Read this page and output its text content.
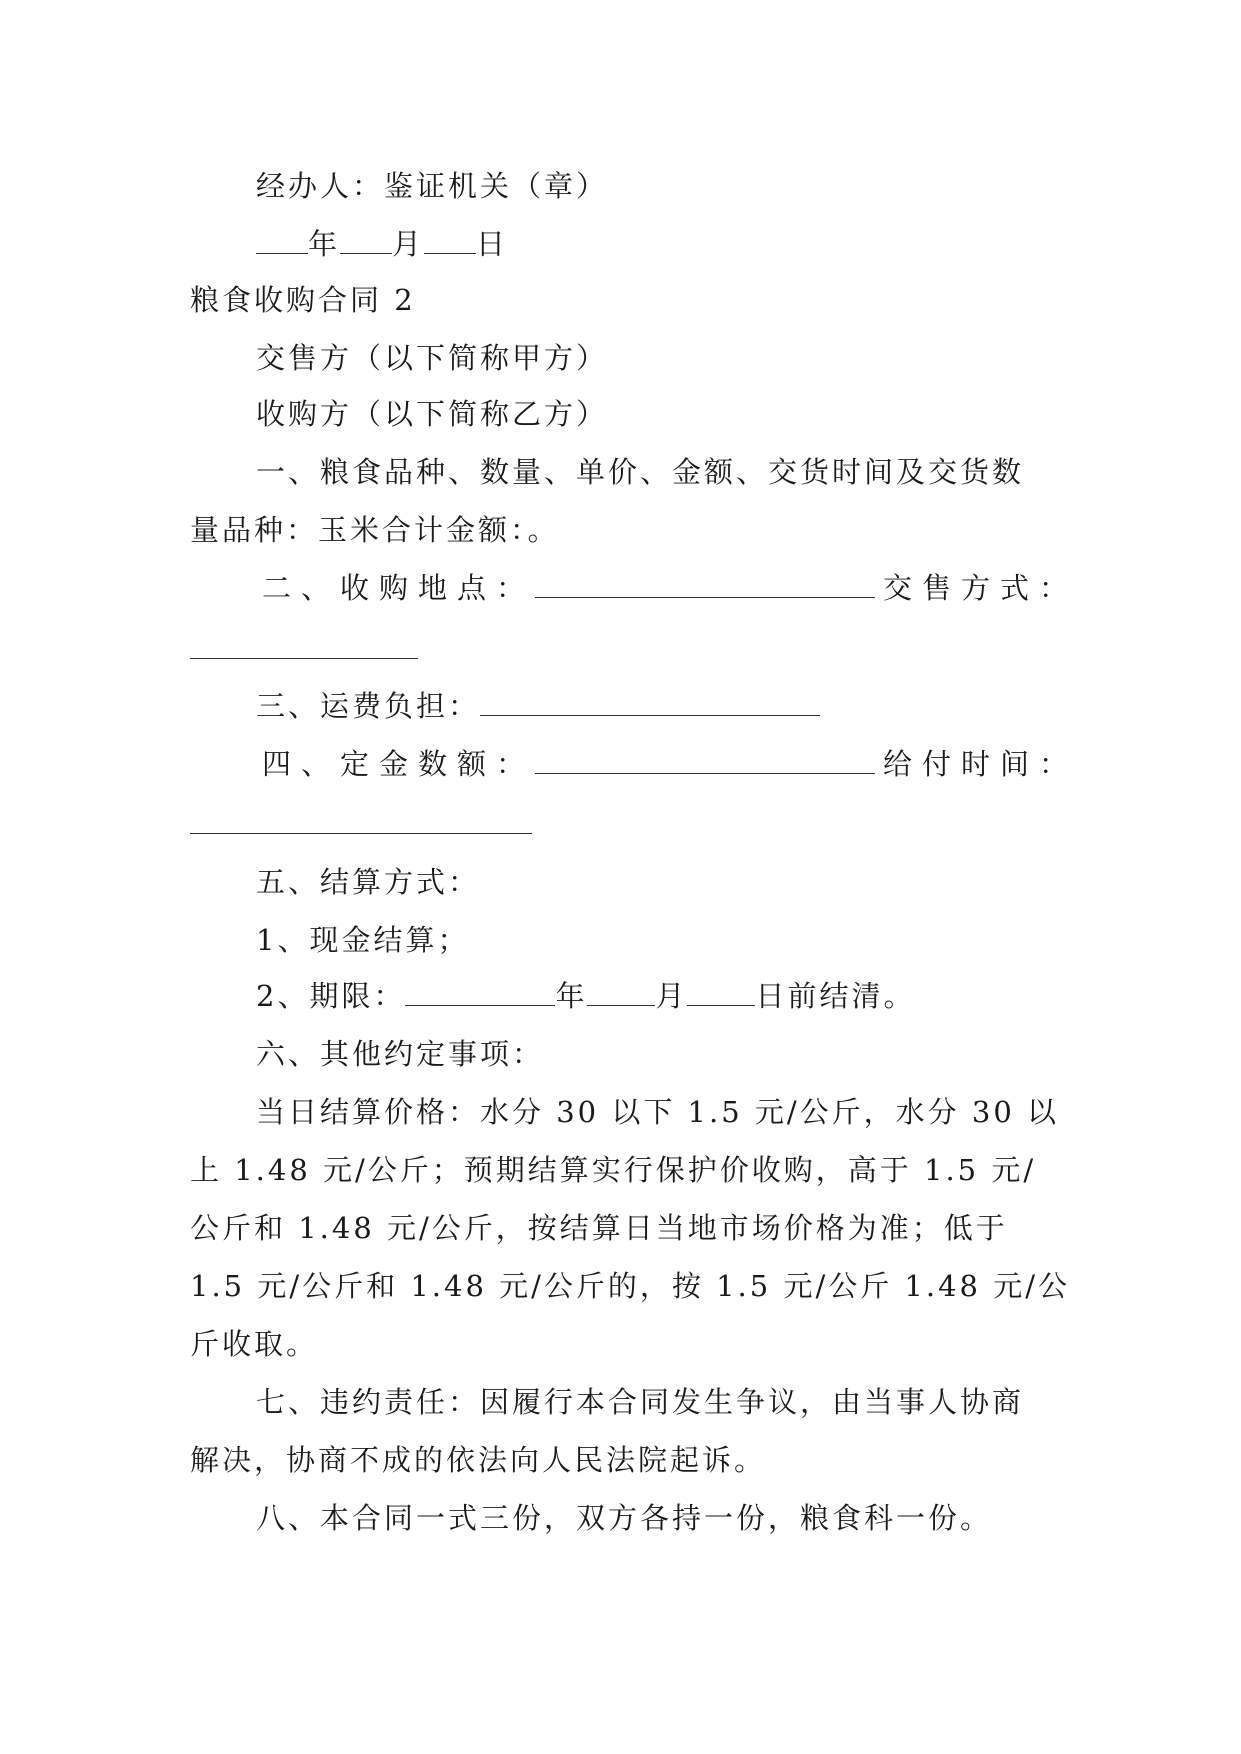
经办人：鉴证机关（章）
年 月 日
粮食收购合同 2
交售方（以下简称甲方）
收购方（以下简称乙方）
一、粮食品种、数量、单价、金额、交货时间及交货数
量品种：玉米合计金额：。
二、收购地点：	交售方式：
三、运费负担：
四、定金数额：	给付时间：
五、结算方式：
1、现金结算；
2、期限：	年 月 日前结清。
六、其他约定事项：
当日结算价格：水分 30 以下 1.5 元/公斤，水分 30 以
上 1.48 元/公斤；预期结算实行保护价收购，高于 1.5 元/
公斤和 1.48 元/公斤，按结算日当地市场价格为准；低于
1.5 元/公斤和 1.48 元/公斤的，按 1.5 元/公斤 1.48 元/公
斤收取。
七、违约责任：因履行本合同发生争议，由当事人协商
解决，协商不成的依法向人民法院起诉。
八、本合同一式三份，双方各持一份，粮食科一份。
